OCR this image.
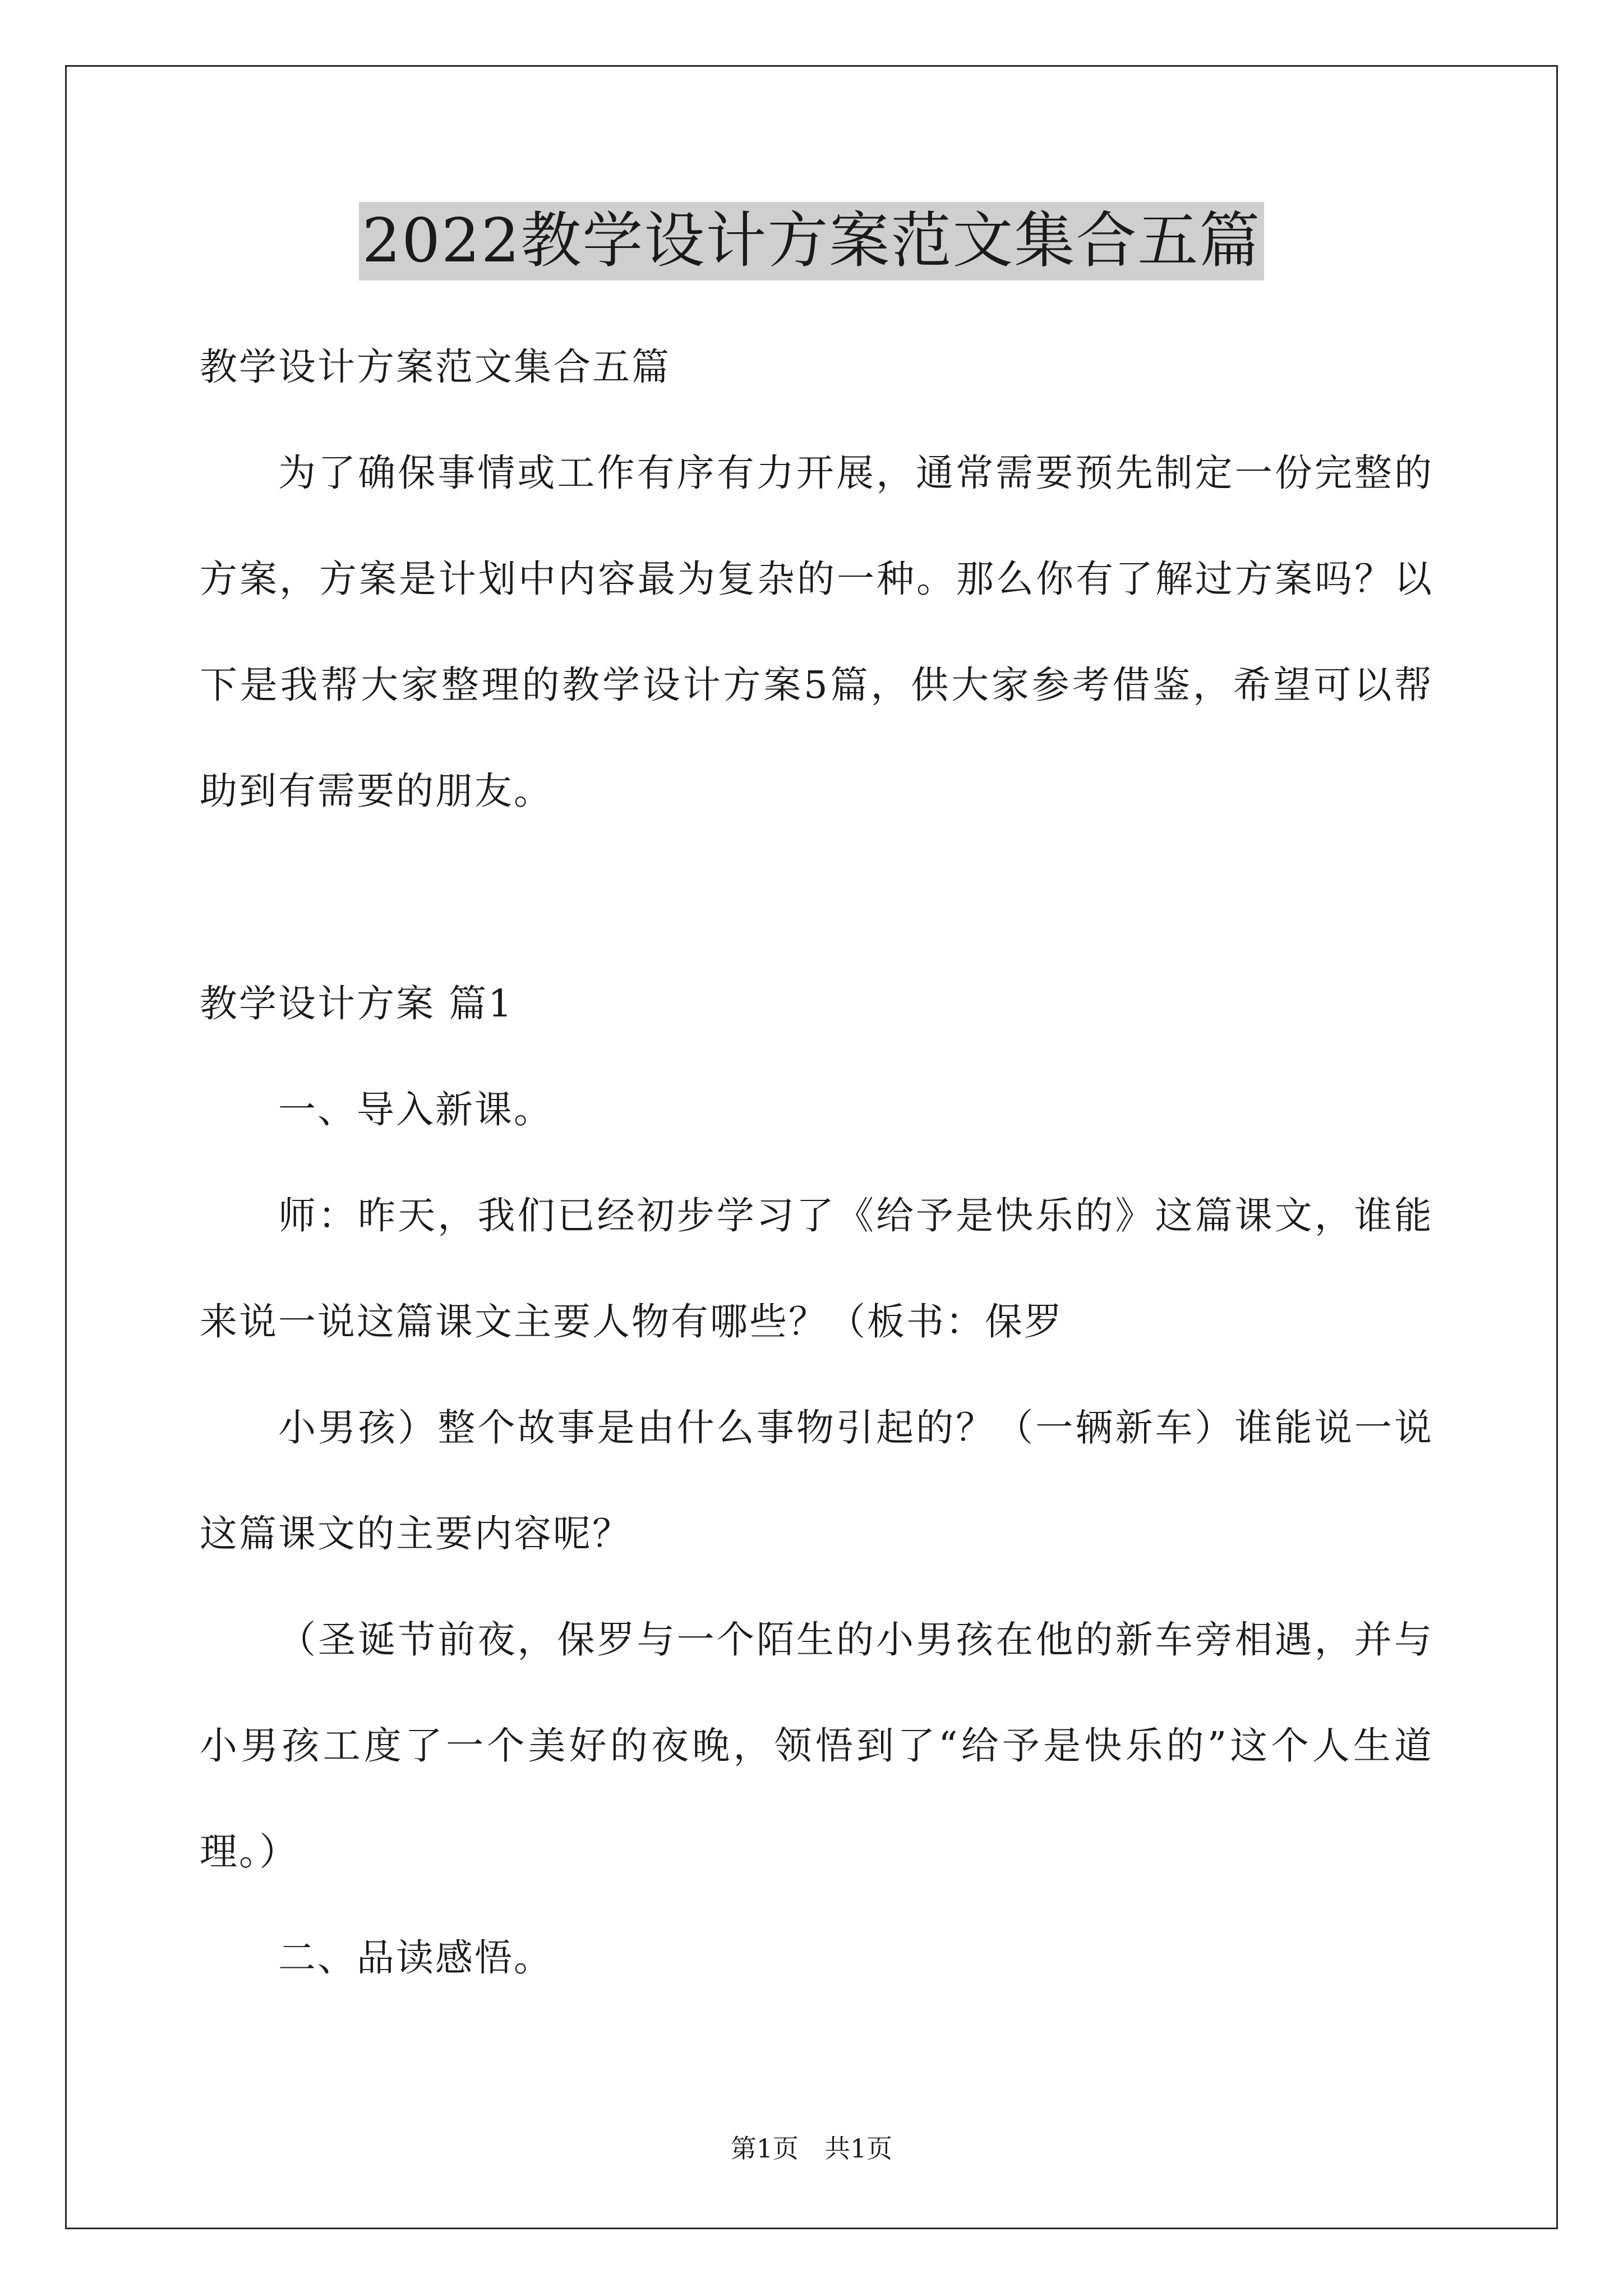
2022教学设计方案范文集合五篇

教学设计方案范文集合五篇

为了确保事情或工作有序有力开展，通常需要预先制定一份完整的方案，方案是计划中内容最为复杂的一种。那么你有了解过方案吗？以下是我帮大家整理的教学设计方案5篇，供大家参考借鉴，希望可以帮助到有需要的朋友。

教学设计方案 篇1

一、导入新课。

师：昨天，我们已经初步学习了《给予是快乐的》这篇课文，谁能来说一说这篇课文主要人物有哪些？（板书：保罗

小男孩）整个故事是由什么事物引起的？（一辆新车）谁能说一说这篇课文的主要内容呢？

（圣诞节前夜，保罗与一个陌生的小男孩在他的新车旁相遇，并与小男孩工度了一个美好的夜晚，领悟到了“给予是快乐的”这个人生道理。）

二、品读感悟。

第1页　共1页
